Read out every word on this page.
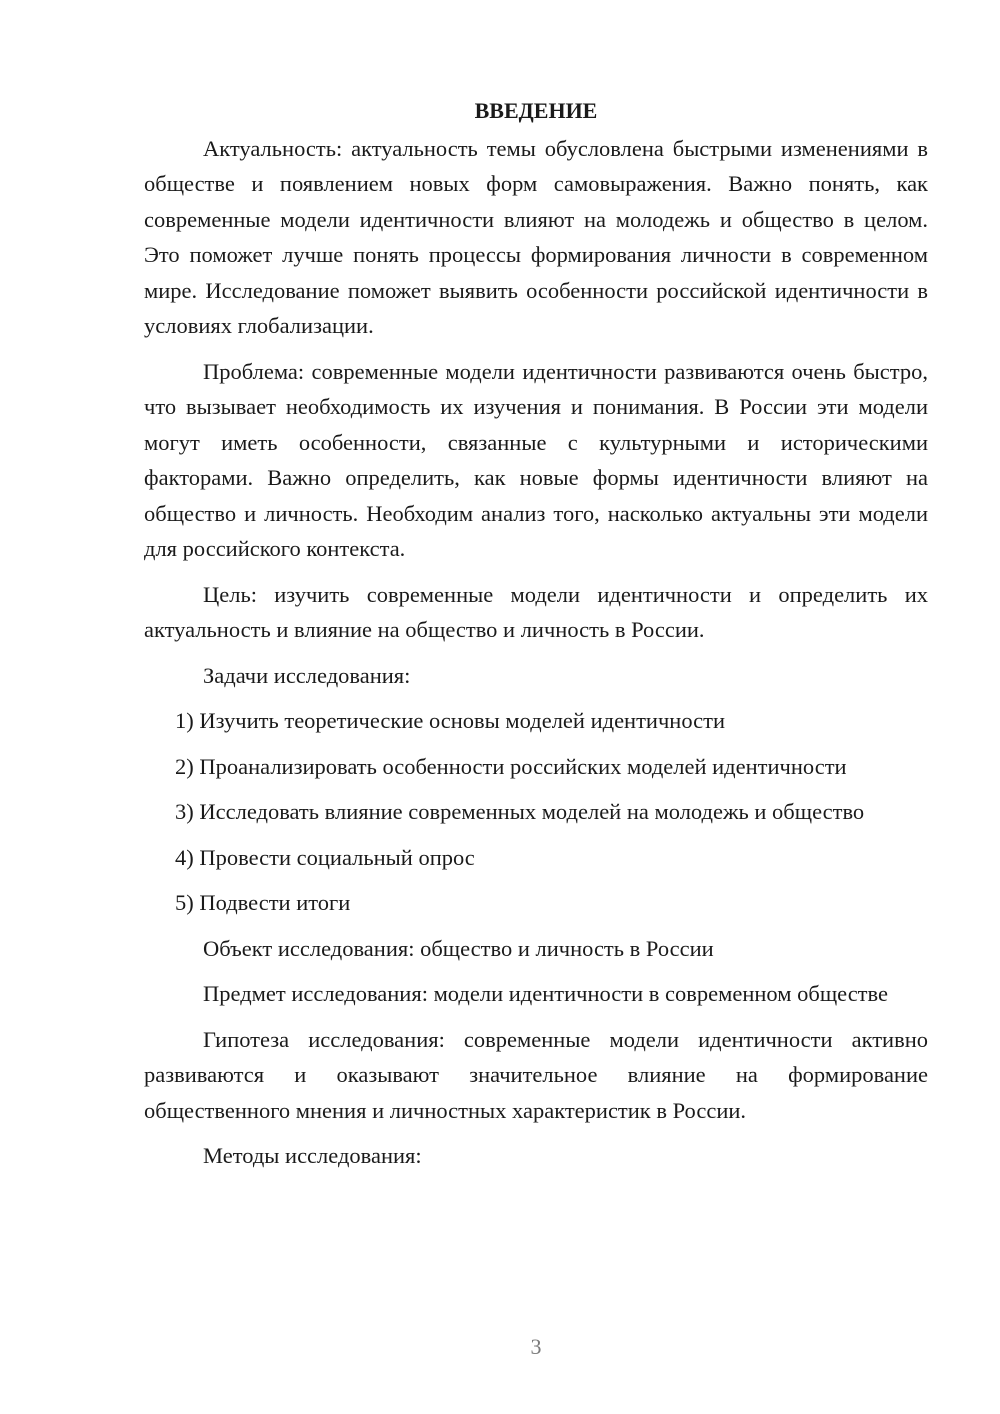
ВВЕДЕНИЕ

Актуальность: актуальность темы обусловлена быстрыми изменениями в обществе и появлением новых форм самовыражения. Важно понять, как современные модели идентичности влияют на молодежь и общество в целом. Это поможет лучше понять процессы формирования личности в современном мире. Исследование поможет выявить особенности российской идентичности в условиях глобализации.

Проблема: современные модели идентичности развиваются очень быстро, что вызывает необходимость их изучения и понимания. В России эти модели могут иметь особенности, связанные с культурными и историческими факторами. Важно определить, как новые формы идентичности влияют на общество и личность. Необходим анализ того, насколько актуальны эти модели для российского контекста.

Цель: изучить современные модели идентичности и определить их актуальность и влияние на общество и личность в России.

Задачи исследования:

1) Изучить теоретические основы моделей идентичности

2) Проанализировать особенности российских моделей идентичности

3) Исследовать влияние современных моделей на молодежь и общество

4) Провести социальный опрос

5) Подвести итоги

Объект исследования: общество и личность в России

Предмет исследования: модели идентичности в современном обществе

Гипотеза исследования: современные модели идентичности активно развиваются и оказывают значительное влияние на формирование общественного мнения и личностных характеристик в России.

Методы исследования:

3
